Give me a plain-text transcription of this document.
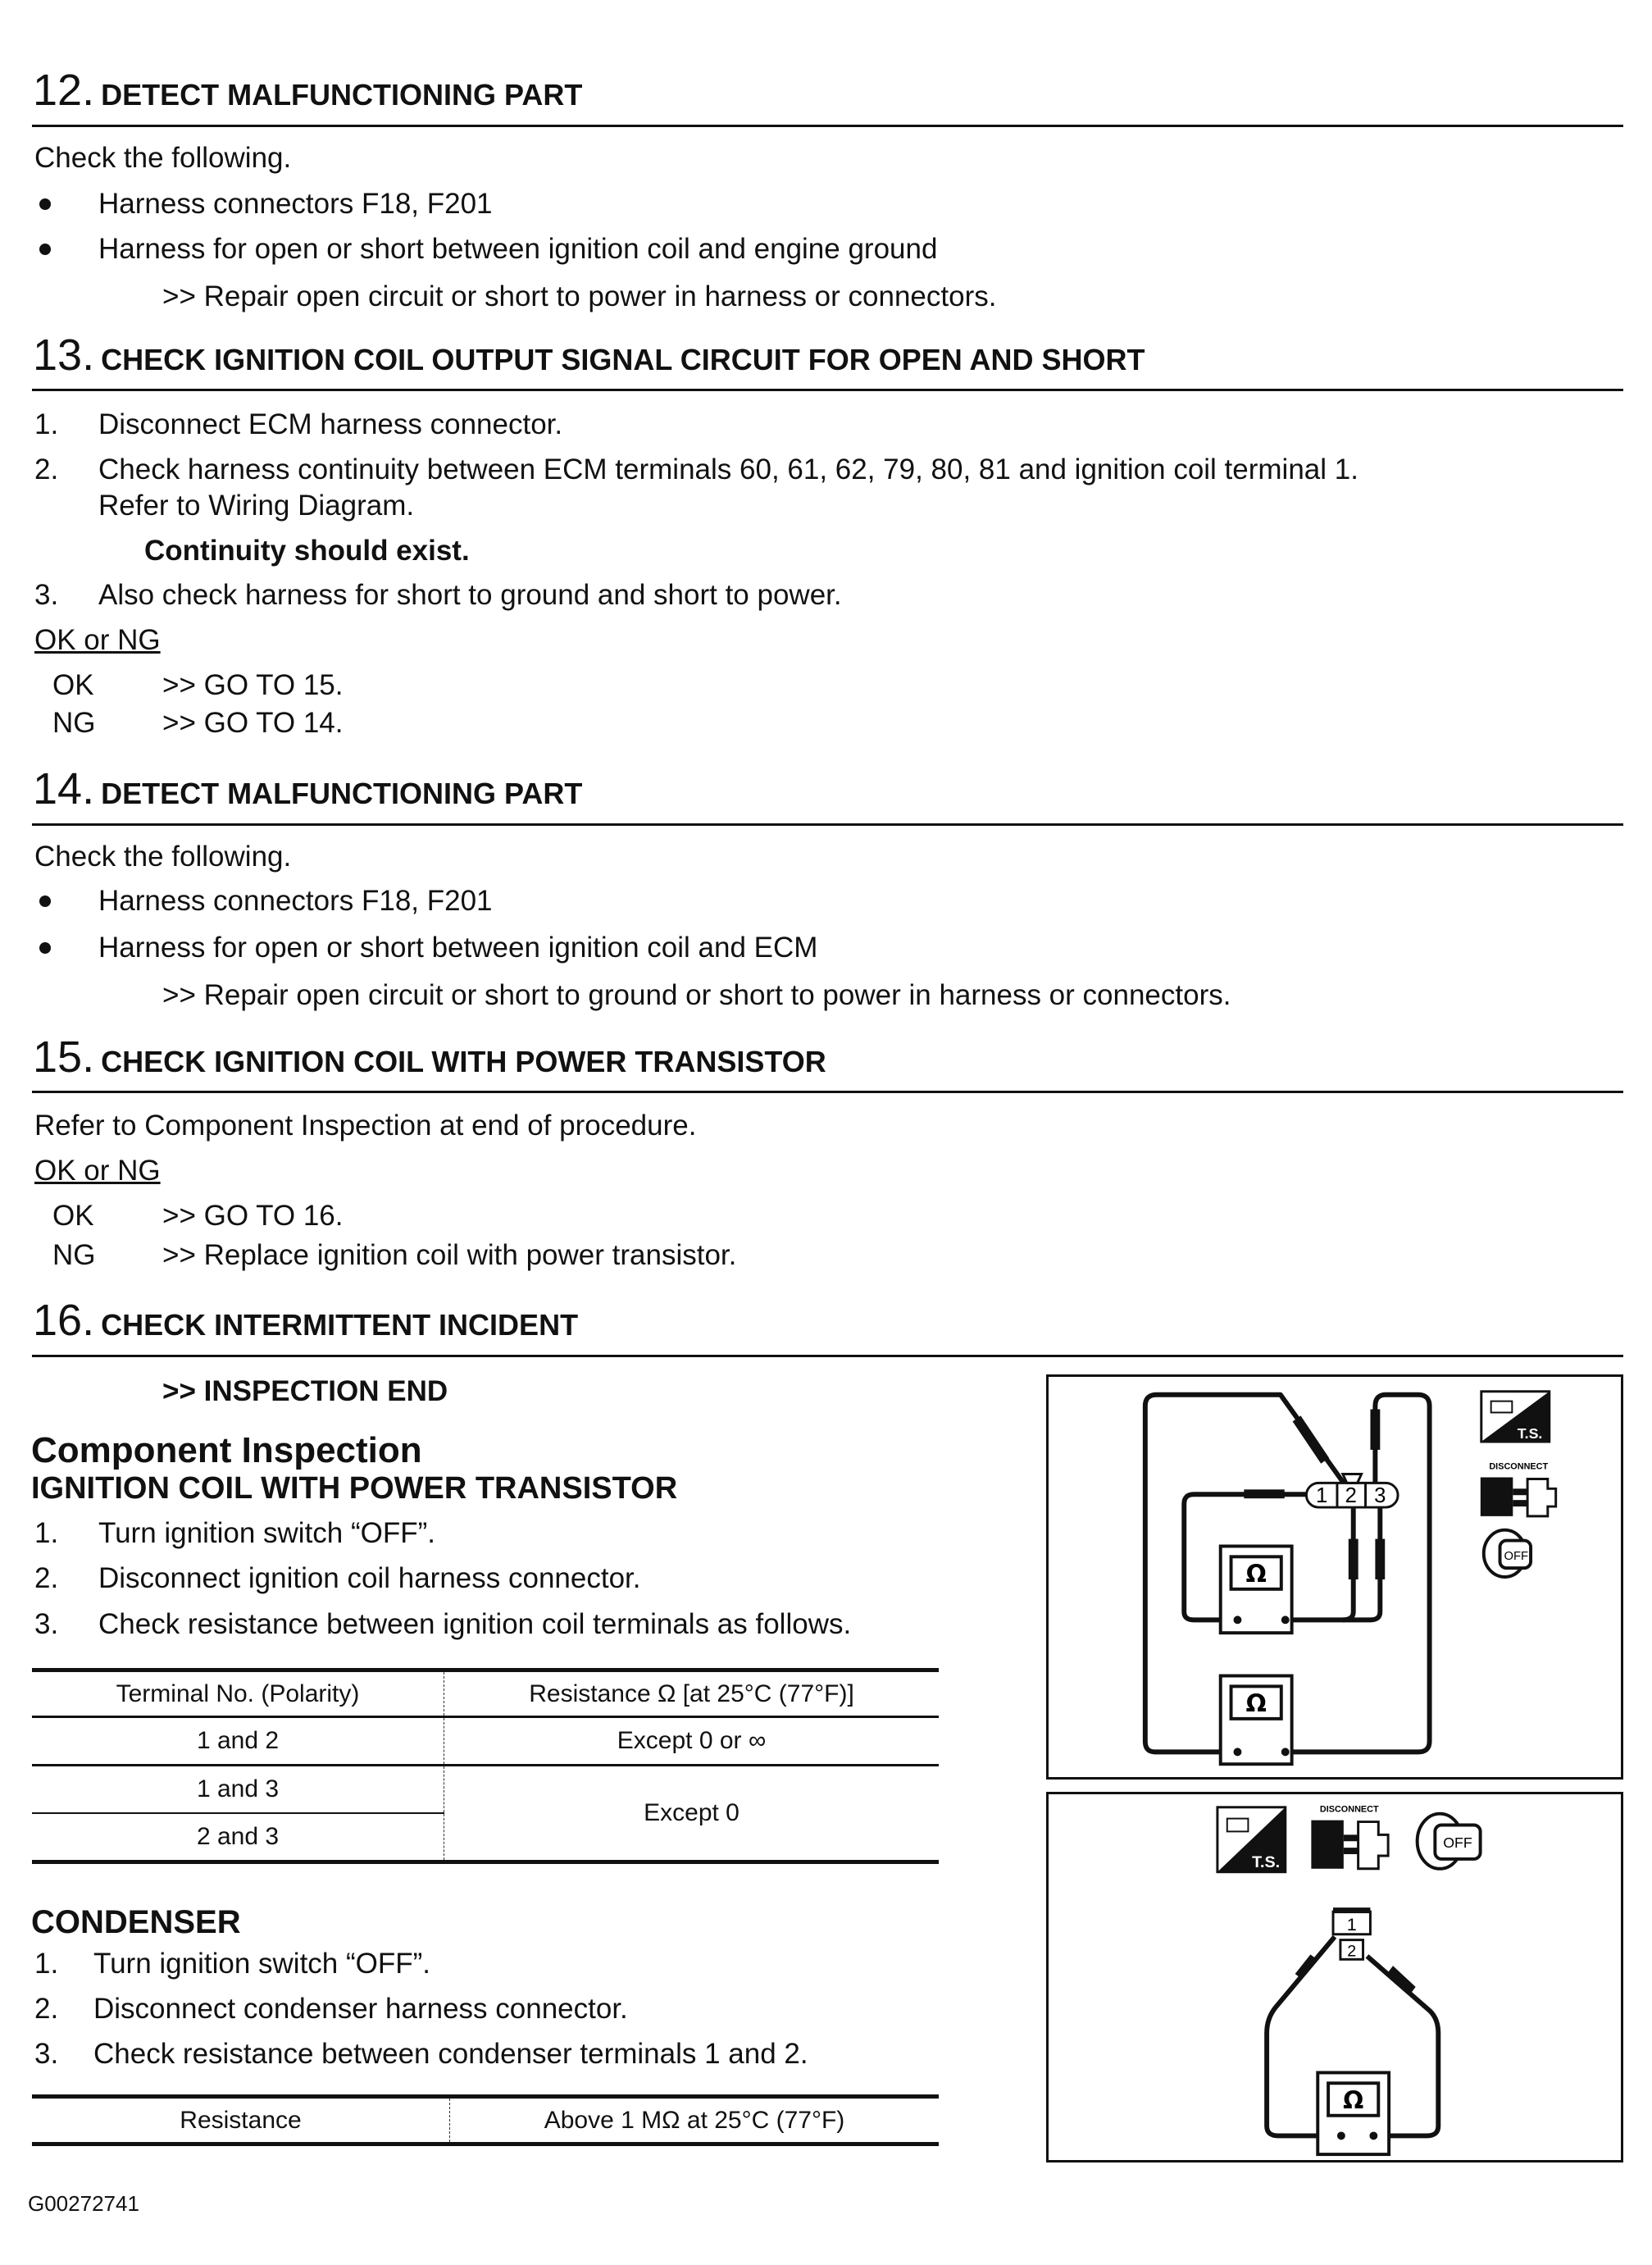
12. DETECT MALFUNCTIONING PART
Check the following.
Harness connectors F18, F201
Harness for open or short between ignition coil and engine ground
>> Repair open circuit or short to power in harness or connectors.
13. CHECK IGNITION COIL OUTPUT SIGNAL CIRCUIT FOR OPEN AND SHORT
1. Disconnect ECM harness connector.
2. Check harness continuity between ECM terminals 60, 61, 62, 79, 80, 81 and ignition coil terminal 1.
Refer to Wiring Diagram.
Continuity should exist.
3. Also check harness for short to ground and short to power.
OK or NG
OK >> GO TO 15.
NG >> GO TO 14.
14. DETECT MALFUNCTIONING PART
Check the following.
Harness connectors F18, F201
Harness for open or short between ignition coil and ECM
>> Repair open circuit or short to ground or short to power in harness or connectors.
15. CHECK IGNITION COIL WITH POWER TRANSISTOR
Refer to Component Inspection at end of procedure.
OK or NG
OK >> GO TO 16.
NG >> Replace ignition coil with power transistor.
16. CHECK INTERMITTENT INCIDENT
>> INSPECTION END
Component Inspection
IGNITION COIL WITH POWER TRANSISTOR
1. Turn ignition switch “OFF”.
2. Disconnect ignition coil harness connector.
3. Check resistance between ignition coil terminals as follows.
Terminal No. (Polarity)	Resistance Ω [at 25°C (77°F)]
1 and 2	Except 0 or ∞
1 and 3	Except 0
2 and 3	
CONDENSER
1. Turn ignition switch “OFF”.
2. Disconnect condenser harness connector.
3. Check resistance between condenser terminals 1 and 2.
Resistance	Above 1 MΩ at 25°C (77°F)
1 2 3
Ω
Ω
T.S.
DISCONNECT
OFF
1
2
Ω
T.S.
DISCONNECT
OFF
G00272741
